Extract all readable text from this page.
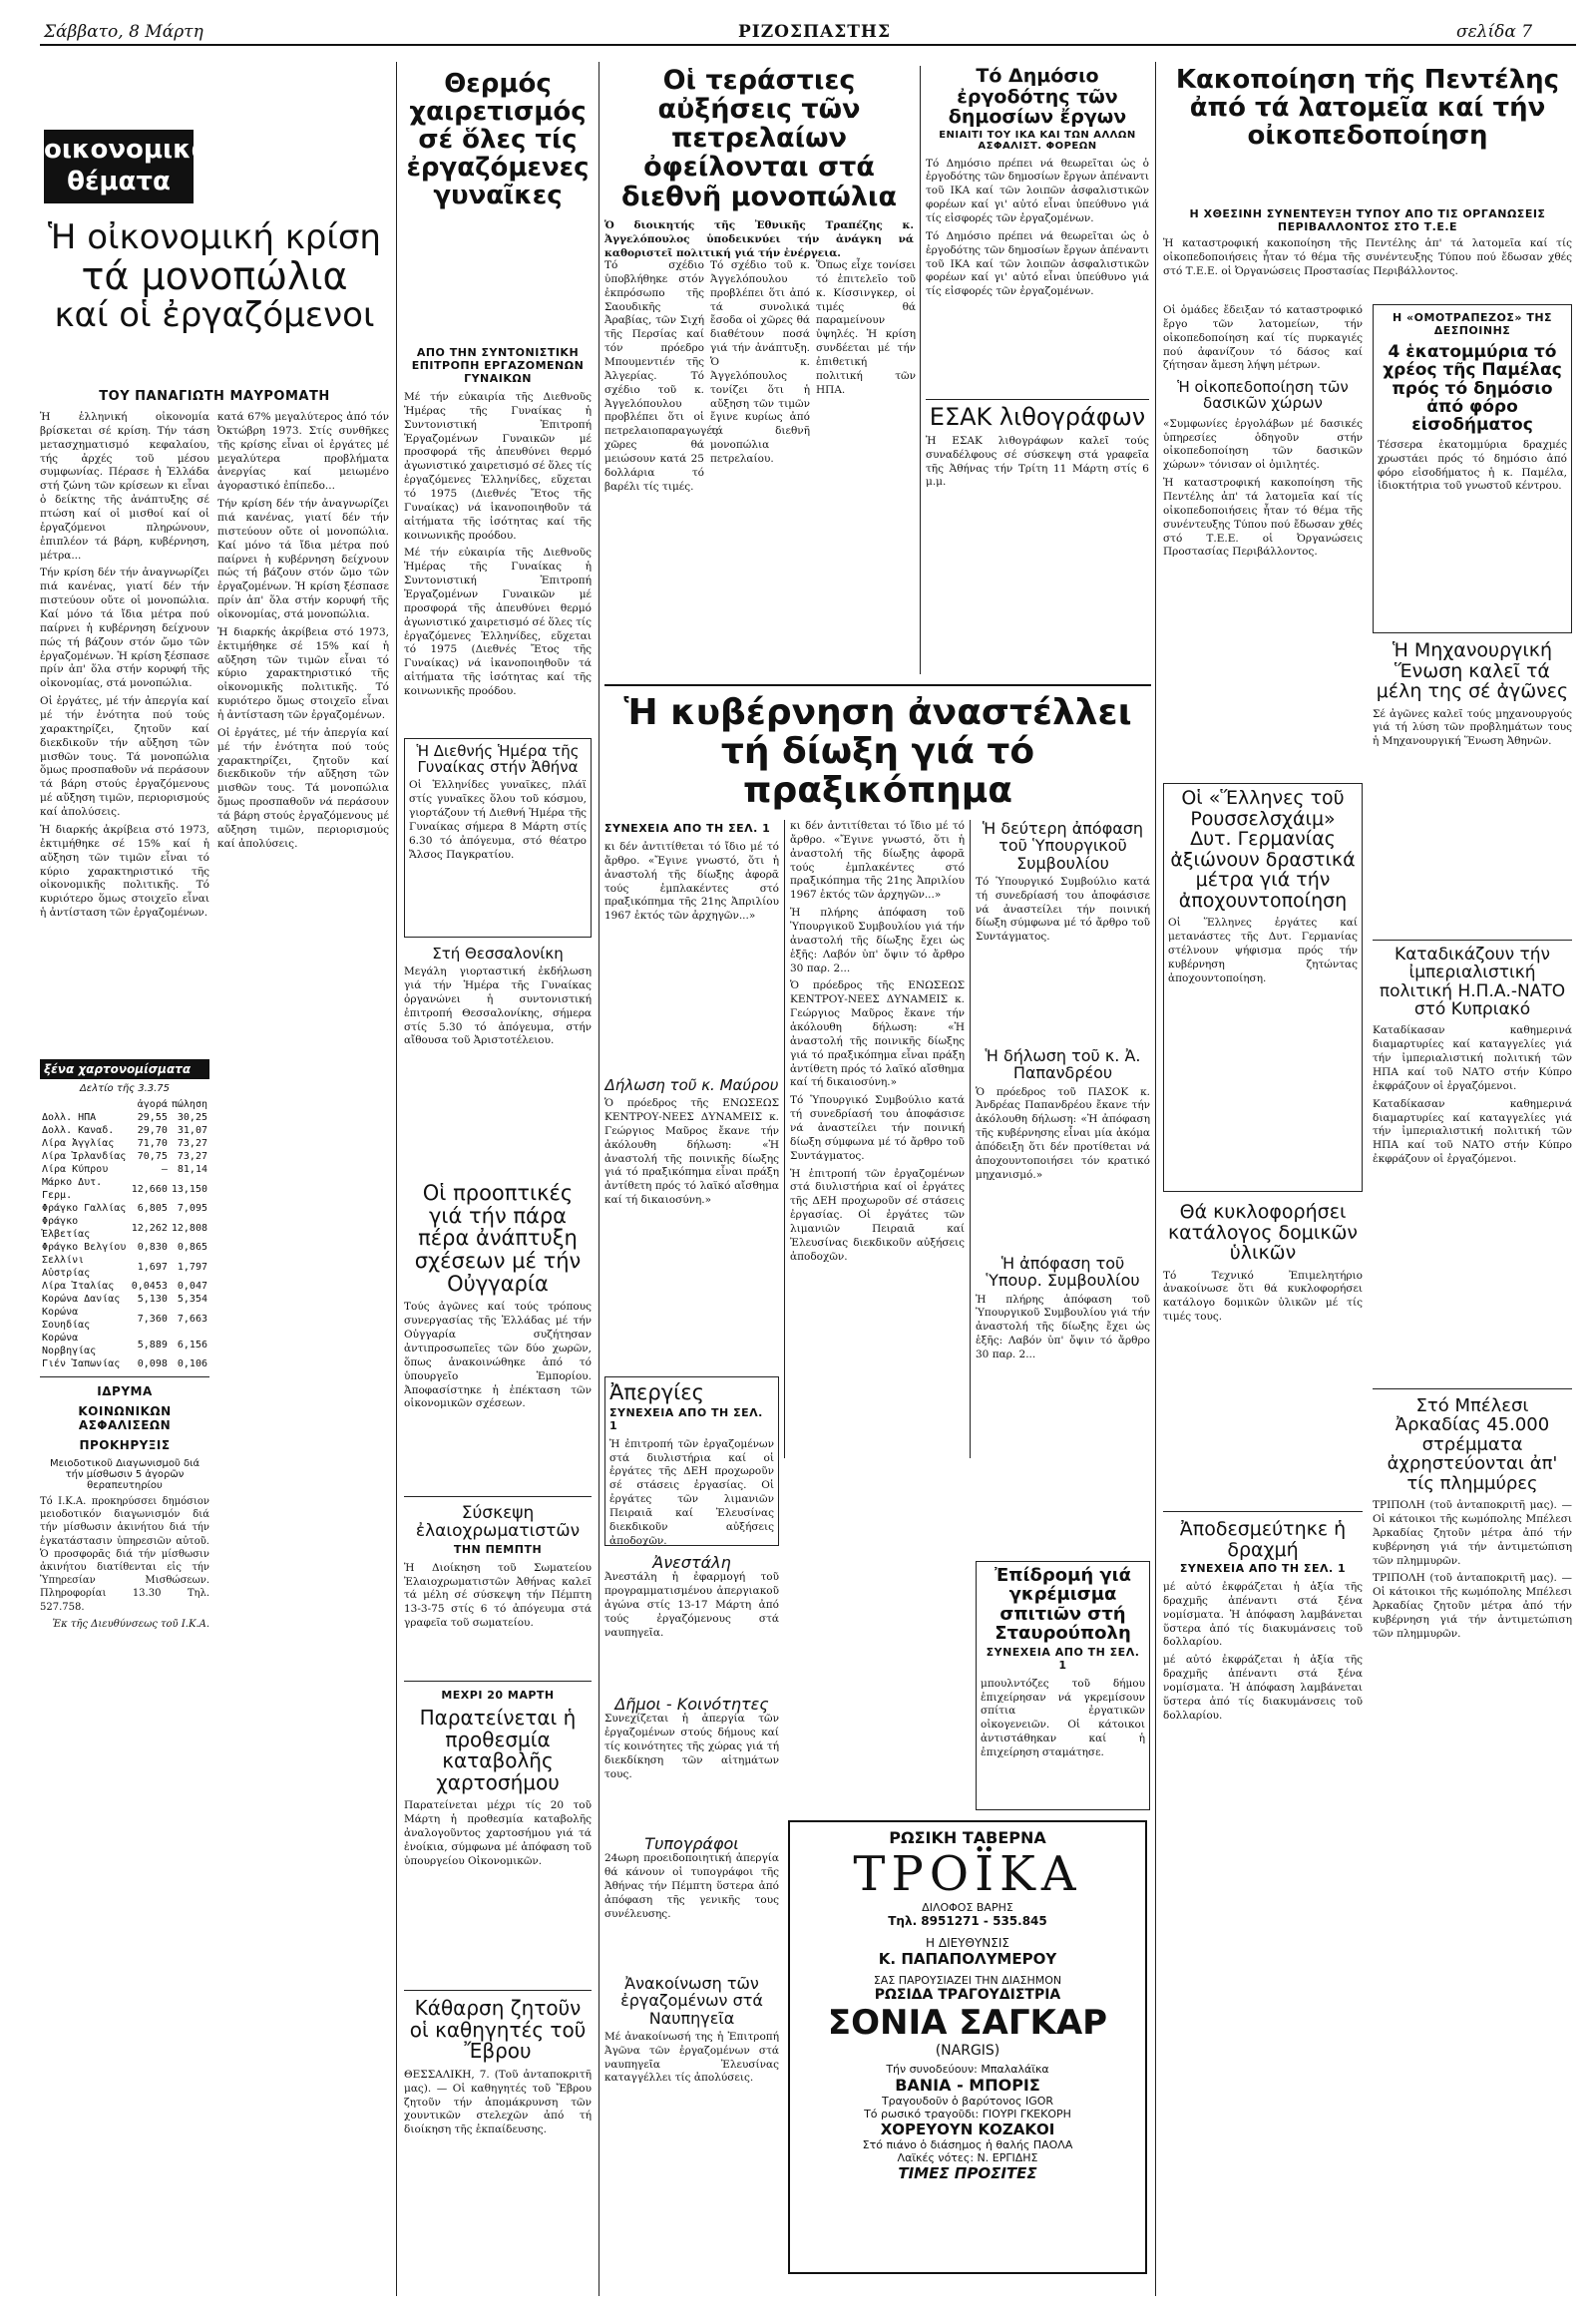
Σάββατο, 8 Μάρτη	ΡΙΖΟΣΠΑΣΤΗΣ	σελίδα 7
οικονομικά
θέματα
Ἡ οἰκονομική κρίση
τά μονοπώλια
καί οἱ ἐργαζόμενοι
ΤΟΥ ΠΑΝΑΓΙΩΤΗ ΜΑΥΡΟΜΑΤΗ

Ἡ ἑλληνική οἰκονομία βρίσκεται σέ κρίση. Τήν τάση μετασχηματισμό κεφαλαίου, τής ἀρχές τοῦ μέσου συμφωνίας. Πέρασε ἡ Ἑλλάδα στή ζώνη τῶν κρίσεων κι εἶναι ὁ δείκτης τῆς ἀνάπτυξης σέ πτώση καί οἱ μισθοί καί οἱ ἐργαζόμενοι πληρώνουν, ἐπιπλέον τά βάρη, κυβέρνηση, μέτρα...

Τήν κρίση δέν τήν ἀναγνωρίζει πιά κανένας, γιατί δέν τήν πιστεύουν οὔτε οἱ μονοπώλια. Καί μόνο τά ἴδια μέτρα πού παίρνει ἡ κυβέρνηση δείχνουν πώς τή βάζουν στόν ὤμο τῶν ἐργαζομένων. Ἡ κρίση ξέσπασε πρίν ἀπ' ὅλα στήν κορυφή τῆς οἰκονομίας, στά μονοπώλια.

Οἱ ἐργάτες, μέ τήν ἀπεργία καί μέ τήν ἐνότητα πού τούς χαρακτηρίζει, ζητοῦν καί διεκδικοῦν τήν αὔξηση τῶν μισθῶν τους. Τά μονοπώλια ὅμως προσπαθοῦν νά περάσουν τά βάρη στούς ἐργαζόμενους μέ αὔξηση τιμῶν, περιορισμούς καί ἀπολύσεις.

Ἡ διαρκής ἀκρίβεια στό 1973, ἐκτιμήθηκε σέ 15% καί ἡ αὔξηση τῶν τιμῶν εἶναι τό κύριο χαρακτηριστικό τῆς οἰκονομικῆς πολιτικῆς. Τό κυριότερο ὅμως στοιχεῖο εἶναι ἡ ἀντίσταση τῶν ἐργαζομένων.

κατά 67% μεγαλύτερος ἀπό τόν Ὀκτώβρη 1973. Στίς συνθῆκες τῆς κρίσης εἶναι οἱ ἐργάτες μέ μεγαλύτερα προβλήματα ἀνεργίας καί μειωμένο ἀγοραστικό ἐπίπεδο...

Τήν κρίση δέν τήν ἀναγνωρίζει πιά κανένας, γιατί δέν τήν πιστεύουν οὔτε οἱ μονοπώλια. Καί μόνο τά ἴδια μέτρα πού παίρνει ἡ κυβέρνηση δείχνουν πώς τή βάζουν στόν ὤμο τῶν ἐργαζομένων. Ἡ κρίση ξέσπασε πρίν ἀπ' ὅλα στήν κορυφή τῆς οἰκονομίας, στά μονοπώλια.

Ἡ διαρκής ἀκρίβεια στό 1973, ἐκτιμήθηκε σέ 15% καί ἡ αὔξηση τῶν τιμῶν εἶναι τό κύριο χαρακτηριστικό τῆς οἰκονομικῆς πολιτικῆς. Τό κυριότερο ὅμως στοιχεῖο εἶναι ἡ ἀντίσταση τῶν ἐργαζομένων.

Οἱ ἐργάτες, μέ τήν ἀπεργία καί μέ τήν ἐνότητα πού τούς χαρακτηρίζει, ζητοῦν καί διεκδικοῦν τήν αὔξηση τῶν μισθῶν τους. Τά μονοπώλια ὅμως προσπαθοῦν νά περάσουν τά βάρη στούς ἐργαζόμενους μέ αὔξηση τιμῶν, περιορισμούς καί ἀπολύσεις.

ξένα χαρτονομίσματα
Δελτίο τῆς 3.3.75
	ἀγορά	πώληση
Δολλ. ΗΠΑ	29,55	30,25
Δολλ. Καναδ.	29,70	31,07
Λίρα Ἀγγλίας	71,70	73,27
Λίρα Ἰρλανδίας	70,75	73,27
Λίρα Κύπρου	—	81,14
Μάρκο Δυτ. Γερμ.	12,660	13,150
Φράγκο Γαλλίας	6,805	7,095
Φράγκο Ἑλβετίας	12,262	12,808
Φράγκο Βελγίου	0,830	0,865
Σελλίνι Αὐστρίας	1,697	1,797
Λίρα Ἰταλίας	0,0453	0,047
Κορώνα Δανίας	5,130	5,354
Κορώνα Σουηδίας	7,360	7,663
Κορώνα Νορβηγίας	5,889	6,156
Γιέν Ἰαπωνίας	0,098	0,106
ΙΔΡΥΜΑ
ΚΟΙΝΩΝΙΚΩΝ ΑΣΦΑΛΙΣΕΩΝ
ΠΡΟΚΗΡΥΞΙΣ
Μειοδοτικοῦ Διαγωνισμοῦ διά τήν μίσθωσιν 5 ἀγορῶν θεραπευτηρίου

Τό Ι.Κ.Α. προκηρύσσει δημόσιον μειοδοτικόν διαγωνισμόν διά τήν μίσθωσιν ἀκινήτου διά τήν ἐγκατάστασιν ὑπηρεσιῶν αὐτοῦ. Ὁ προσφορᾶς διά τήν μίσθωσιν ἀκινήτου διατίθενται εἰς τήν Ὑπηρεσίαν Μισθώσεων. Πληροφορίαι 13.30 Τηλ. 527.758.

Ἐκ τῆς Διευθύνσεως τοῦ Ι.Κ.Α.

Θερμός χαιρετισμός σέ ὅλες τίς ἐργαζόμενες γυναῖκες
ΑΠΟ ΤΗΝ ΣΥΝΤΟΝΙΣΤΙΚΗ ΕΠΙΤΡΟΠΗ ΕΡΓΑΖΟΜΕΝΩΝ ΓΥΝΑΙΚΩΝ

Μέ τήν εὐκαιρία τῆς Διεθνοῦς Ἡμέρας τῆς Γυναίκας ἡ Συντονιστική Ἐπιτροπή Ἐργαζομένων Γυναικῶν μέ προσφορά τῆς ἀπευθύνει θερμό ἀγωνιστικό χαιρετισμό σέ ὅλες τίς ἐργαζόμενες Ἑλληνίδες, εὔχεται τό 1975 (Διεθνές Ἔτος τῆς Γυναίκας) νά ἱκανοποιηθοῦν τά αἰτήματα τῆς ἰσότητας καί τῆς κοινωνικῆς προόδου.

Μέ τήν εὐκαιρία τῆς Διεθνοῦς Ἡμέρας τῆς Γυναίκας ἡ Συντονιστική Ἐπιτροπή Ἐργαζομένων Γυναικῶν μέ προσφορά τῆς ἀπευθύνει θερμό ἀγωνιστικό χαιρετισμό σέ ὅλες τίς ἐργαζόμενες Ἑλληνίδες, εὔχεται τό 1975 (Διεθνές Ἔτος τῆς Γυναίκας) νά ἱκανοποιηθοῦν τά αἰτήματα τῆς ἰσότητας καί τῆς κοινωνικῆς προόδου.

Ἡ Διεθνής Ἡμέρα τῆς Γυναίκας στήν Ἀθήνα

Οἱ Ἑλληνίδες γυναῖκες, πλάϊ στίς γυναῖκες ὅλου τοῦ κόσμου, γιορτάζουν τή Διεθνή Ἡμέρα τῆς Γυναίκας σήμερα 8 Μάρτη στίς 6.30 τό ἀπόγευμα, στό θέατρο Ἄλσος Παγκρατίου.

Στή Θεσσαλονίκη

Μεγάλη γιορταστική ἐκδήλωση γιά τήν Ἡμέρα τῆς Γυναίκας ὀργανώνει ἡ συντονιστική ἐπιτροπή Θεσσαλονίκης, σήμερα στίς 5.30 τό ἀπόγευμα, στήν αἴθουσα τοῦ Ἀριστοτέλειου.

Οἱ προοπτικές γιά τήν πάρα πέρα ἀνάπτυξη σχέσεων μέ τήν Οὐγγαρία

Τούς ἀγῶνες καί τούς τρόπους συνεργασίας τῆς Ἑλλάδας μέ τήν Οὐγγαρία συζήτησαν ἀντιπροσωπεῖες τῶν δύο χωρῶν, ὅπως ἀνακοινώθηκε ἀπό τό ὑπουργεῖο Ἐμπορίου. Ἀποφασίστηκε ἡ ἐπέκταση τῶν οἰκονομικῶν σχέσεων.

Σύσκεψη ἐλαιοχρωματιστῶν
ΤΗΝ ΠΕΜΠΤΗ

Ἡ Διοίκηση τοῦ Σωματείου Ἐλαιοχρωματιστῶν Ἀθήνας καλεῖ τά μέλη σέ σύσκεψη τήν Πέμπτη 13-3-75 στίς 6 τό ἀπόγευμα στά γραφεῖα τοῦ σωματείου.

ΜΕΧΡΙ 20 ΜΑΡΤΗ
Παρατείνεται ἡ προθεσμία καταβολῆς χαρτοσήμου

Παρατείνεται μέχρι τίς 20 τοῦ Μάρτη ἡ προθεσμία καταβολῆς ἀναλογοῦντος χαρτοσήμου γιά τά ἐνοίκια, σύμφωνα μέ ἀπόφαση τοῦ ὑπουργείου Οἰκονομικῶν.

Κάθαρση ζητοῦν οἱ καθηγητές τοῦ Ἔβρου

ΘΕΣΣΑΛΙΚΗ, 7. (Τοῦ ἀνταποκριτῆ μας). — Οἱ καθηγητές τοῦ Ἔβρου ζητοῦν τήν ἀπομάκρυνση τῶν χουντικῶν στελεχῶν ἀπό τή διοίκηση τῆς ἐκπαίδευσης.

Οἱ τεράστιες αὐξήσεις τῶν πετρελαίων ὀφείλονται στά διεθνῆ μονοπώλια

Ὁ διοικητής τῆς Ἐθνικῆς Τραπέζης κ. Ἀγγελόπουλος ὑποδεικνύει τήν ἀνάγκη νά καθοριστεῖ πολιτική γιά τήν ἐνέργεια.

Τό σχέδιο ὑποβλήθηκε στόν ἐκπρόσωπο τῆς Σαουδικῆς Ἀραβίας, τῶν Σιχή τῆς Περσίας καί τόν πρόεδρο Μπουμεντιέν τῆς Ἀλγερίας. Τό σχέδιο τοῦ κ. Ἀγγελόπουλου προβλέπει ὅτι οἱ πετρελαιοπαραγωγές χῶρες θά μειώσουν κατά 25 δολλάρια τό βαρέλι τίς τιμές.

Τό σχέδιο τοῦ κ. Ἀγγελόπουλου προβλέπει ὅτι ἀπό τά συνολικά ἔσοδα οἱ χῶρες θά διαθέτουν ποσά γιά τήν ἀνάπτυξη. Ὁ κ. Ἀγγελόπουλος τονίζει ὅτι ἡ αὔξηση τῶν τιμῶν ἔγινε κυρίως ἀπό τά διεθνῆ μονοπώλια πετρελαίου.

Ὅπως εἶχε τονίσει τό ἐπιτελεῖο τοῦ κ. Κίσσινγκερ, οἱ τιμές θά παραμείνουν ὑψηλές. Ἡ κρίση συνδέεται μέ τήν ἐπιθετική πολιτική τῶν ΗΠΑ.

Τό Δημόσιο ἐργοδότης τῶν δημοσίων ἔργων
ΕΝΙΑΙΤΙ ΤΟΥ ΙΚΑ ΚΑΙ ΤΩΝ ΑΛΛΩΝ ΑΣΦΑΛΙΣΤ. ΦΟΡΕΩΝ

Τό Δημόσιο πρέπει νά θεωρεῖται ὡς ὁ ἐργοδότης τῶν δημοσίων ἔργων ἀπέναντι τοῦ ΙΚΑ καί τῶν λοιπῶν ἀσφαλιστικῶν φορέων καί γι' αὐτό εἶναι ὑπεύθυνο γιά τίς εἰσφορές τῶν ἐργαζομένων.

Τό Δημόσιο πρέπει νά θεωρεῖται ὡς ὁ ἐργοδότης τῶν δημοσίων ἔργων ἀπέναντι τοῦ ΙΚΑ καί τῶν λοιπῶν ἀσφαλιστικῶν φορέων καί γι' αὐτό εἶναι ὑπεύθυνο γιά τίς εἰσφορές τῶν ἐργαζομένων.

ΕΣΑΚ λιθογράφων

Ἡ ΕΣΑΚ λιθογράφων καλεῖ τούς συναδέλφους σέ σύσκεψη στά γραφεῖα τῆς Ἀθήνας τήν Τρίτη 11 Μάρτη στίς 6 μ.μ.

Ἡ κυβέρνηση ἀναστέλλει τή δίωξη γιά τό πραξικόπημα
ΣΥΝΕΧΕΙΑ ΑΠΟ ΤΗ ΣΕΛ. 1

κι δέν ἀντιτίθεται τό ἴδιο μέ τό ἄρθρο. «Ἔγινε γνωστό, ὅτι ἡ ἀναστολή τῆς δίωξης ἀφορᾶ τούς ἐμπλακέντες στό πραξικόπημα τῆς 21ης Ἀπριλίου 1967 ἐκτός τῶν ἀρχηγῶν...»

Δήλωση τοῦ κ. Μαύρου

Ὁ πρόεδρος τῆς ΕΝΩΣΕΩΣ ΚΕΝΤΡΟΥ-ΝΕΕΣ ΔΥΝΑΜΕΙΣ κ. Γεώργιος Μαῦρος ἔκανε τήν ἀκόλουθη δήλωση: «Ἡ ἀναστολή τῆς ποινικῆς δίωξης γιά τό πραξικόπημα εἶναι πράξη ἀντίθετη πρός τό λαϊκό αἴσθημα καί τή δικαιοσύνη.»

Ἀπεργίες
ΣΥΝΕΧΕΙΑ ΑΠΟ ΤΗ ΣΕΛ. 1

Ἡ ἐπιτροπή τῶν ἐργαζομένων στά διυλιστήρια καί οἱ ἐργάτες τῆς ΔΕΗ προχωροῦν σέ στάσεις ἐργασίας. Οἱ ἐργάτες τῶν λιμανιῶν Πειραιᾶ καί Ἐλευσίνας διεκδικοῦν αὐξήσεις ἀποδοχῶν.

Ἀνεστάλη

Ἀνεστάλη ἡ ἐφαρμογή τοῦ προγραμματισμένου ἀπεργιακοῦ ἀγώνα στίς 13-17 Μάρτη ἀπό τούς ἐργαζόμενους στά ναυπηγεῖα.

Δῆμοι - Κοινότητες

Συνεχίζεται ἡ ἀπεργία τῶν ἐργαζομένων στούς δήμους καί τίς κοινότητες τῆς χώρας γιά τή διεκδίκηση τῶν αἰτημάτων τους.

Τυπογράφοι

24ωρη προειδοποιητική ἀπεργία θά κάνουν οἱ τυπογράφοι τῆς Ἀθήνας τήν Πέμπτη ὕστερα ἀπό ἀπόφαση τῆς γενικῆς τους συνέλευσης.

Ἀνακοίνωση τῶν ἐργαζομένων στά Ναυπηγεῖα

Μέ ἀνακοίνωσή της ἡ Ἐπιτροπή Ἀγῶνα τῶν ἐργαζομένων στά ναυπηγεῖα Ἐλευσίνας καταγγέλλει τίς ἀπολύσεις.

κι δέν ἀντιτίθεται τό ἴδιο μέ τό ἄρθρο. «Ἔγινε γνωστό, ὅτι ἡ ἀναστολή τῆς δίωξης ἀφορᾶ τούς ἐμπλακέντες στό πραξικόπημα τῆς 21ης Ἀπριλίου 1967 ἐκτός τῶν ἀρχηγῶν...»

Ἡ πλήρης ἀπόφαση τοῦ Ὑπουργικοῦ Συμβουλίου γιά τήν ἀναστολή τῆς δίωξης ἔχει ὡς ἑξῆς: Λαβόν ὑπ' ὄψιν τό ἄρθρο 30 παρ. 2...

Ὁ πρόεδρος τῆς ΕΝΩΣΕΩΣ ΚΕΝΤΡΟΥ-ΝΕΕΣ ΔΥΝΑΜΕΙΣ κ. Γεώργιος Μαῦρος ἔκανε τήν ἀκόλουθη δήλωση: «Ἡ ἀναστολή τῆς ποινικῆς δίωξης γιά τό πραξικόπημα εἶναι πράξη ἀντίθετη πρός τό λαϊκό αἴσθημα καί τή δικαιοσύνη.»

Τό Ὑπουργικό Συμβούλιο κατά τή συνεδρίασή του ἀποφάσισε νά ἀναστείλει τήν ποινική δίωξη σύμφωνα μέ τό ἄρθρο τοῦ Συντάγματος.

Ἡ ἐπιτροπή τῶν ἐργαζομένων στά διυλιστήρια καί οἱ ἐργάτες τῆς ΔΕΗ προχωροῦν σέ στάσεις ἐργασίας. Οἱ ἐργάτες τῶν λιμανιῶν Πειραιᾶ καί Ἐλευσίνας διεκδικοῦν αὐξήσεις ἀποδοχῶν.

Ἡ δεύτερη ἀπόφαση τοῦ Ὑπουργικοῦ Συμβουλίου

Τό Ὑπουργικό Συμβούλιο κατά τή συνεδρίασή του ἀποφάσισε νά ἀναστείλει τήν ποινική δίωξη σύμφωνα μέ τό ἄρθρο τοῦ Συντάγματος.

Ἡ δήλωση τοῦ κ. Ἀ. Παπανδρέου

Ὁ πρόεδρος τοῦ ΠΑΣΟΚ κ. Ἀνδρέας Παπανδρέου ἔκανε τήν ἀκόλουθη δήλωση: «Ἡ ἀπόφαση τῆς κυβέρνησης εἶναι μία ἀκόμα ἀπόδειξη ὅτι δέν προτίθεται νά ἀποχουντοποιήσει τόν κρατικό μηχανισμό.»

Ἡ ἀπόφαση τοῦ Ὑπουρ. Συμβουλίου

Ἡ πλήρης ἀπόφαση τοῦ Ὑπουργικοῦ Συμβουλίου γιά τήν ἀναστολή τῆς δίωξης ἔχει ὡς ἑξῆς: Λαβόν ὑπ' ὄψιν τό ἄρθρο 30 παρ. 2...

Ἐπίδρομή γιά γκρέμισμα σπιτιῶν στή Σταυρούπολη
ΣΥΝΕΧΕΙΑ ΑΠΟ ΤΗ ΣΕΛ. 1

μπουλντόζες τοῦ δήμου ἐπιχείρησαν νά γκρεμίσουν σπίτια ἐργατικῶν οἰκογενειῶν. Οἱ κάτοικοι ἀντιστάθηκαν καί ἡ ἐπιχείρηση σταμάτησε.

ΡΩΣΙΚΗ ΤΑΒΕΡΝΑ
ΤΡΟΪΚΑ
ΔΙΛΟΦΟΣ ΒΑΡΗΣ
Τηλ. 8951271 - 535.845
Η ΔΙΕΥΘΥΝΣΙΣ
Κ. ΠΑΠΑΠΟΛΥΜΕΡΟΥ
ΣΑΣ ΠΑΡΟΥΣΙΑΖΕΙ ΤΗΝ ΔΙΑΣΗΜΟΝ
ΡΩΣΙΔΑ ΤΡΑΓΟΥΔΙΣΤΡΙΑ
ΣΟΝΙΑ ΣΑΓΚΑΡ
(NARGIS)
Τήν συνοδεύουν: Μπαλαλάϊκα
ΒΑΝΙΑ - ΜΠΟΡΙΣ
Τραγουδοῦν ὁ βαρύτονος IGOR
Τό ρωσικό τραγοῦδι: ΓΙΟΥΡΙ ΓΚΕΚΟΡΗ
ΧΟΡΕΥΟΥΝ ΚΟΖΑΚΟΙ
Στό πιάνο ὁ διάσημος ἡ θαλής ΠΑΟΛΑ
Λαϊκές νότες: Ν. ΕΡΓΙΔΗΣ
ΤΙΜΕΣ ΠΡΟΣΙΤΕΣ
Κακοποίηση τῆς Πεντέλης ἀπό τά λατομεῖα καί τήν οἰκοπεδοποίηση
Η ΧΘΕΣΙΝΗ ΣΥΝΕΝΤΕΥΞΗ ΤΥΠΟΥ ΑΠΟ ΤΙΣ ΟΡΓΑΝΩΣΕΙΣ ΠΕΡΙΒΑΛΛΟΝΤΟΣ ΣΤΟ Τ.Ε.Ε

Ἡ καταστροφική κακοποίηση τῆς Πεντέλης ἀπ' τά λατομεῖα καί τίς οἰκοπεδοποιήσεις ἦταν τό θέμα τῆς συνέντευξης Τύπου πού ἔδωσαν χθές στό Τ.Ε.Ε. οἱ Ὀργανώσεις Προστασίας Περιβάλλοντος.

Οἱ ὁμάδες ἔδειξαν τό καταστροφικό ἔργο τῶν λατομείων, τήν οἰκοπεδοποίηση καί τίς πυρκαγιές πού ἀφανίζουν τό δάσος καί ζήτησαν ἄμεση λήψη μέτρων.

Ἡ οἰκοπεδοποίηση τῶν δασικῶν χώρων

«Συμφωνίες ἐργολάβων μέ δασικές ὑπηρεσίες ὁδηγοῦν στήν οἰκοπεδοποίηση τῶν δασικῶν χώρων» τόνισαν οἱ ὁμιλητές.

Ἡ καταστροφική κακοποίηση τῆς Πεντέλης ἀπ' τά λατομεῖα καί τίς οἰκοπεδοποιήσεις ἦταν τό θέμα τῆς συνέντευξης Τύπου πού ἔδωσαν χθές στό Τ.Ε.Ε. οἱ Ὀργανώσεις Προστασίας Περιβάλλοντος.

Η «ΟΜΟΤΡΑΠΕΖΟΣ» ΤΗΣ ΔΕΣΠΟΙΝΗΣ
4 ἑκατομμύρια τό χρέος τῆς Παμέλας πρός τό δημόσιο ἀπό φόρο εἰσοδήματος

Τέσσερα ἑκατομμύρια δραχμές χρωστάει πρός τό δημόσιο ἀπό φόρο εἰσοδήματος ἡ κ. Παμέλα, ἰδιοκτήτρια τοῦ γνωστοῦ κέντρου.

Ἡ Μηχανουργική Ἕνωση καλεῖ τά μέλη της σέ ἀγῶνες

Σέ ἀγῶνες καλεῖ τούς μηχανουργούς γιά τή λύση τῶν προβλημάτων τους ἡ Μηχανουργική Ἕνωση Ἀθηνῶν.

Καταδικάζουν τήν ἰμπεριαλιστική πολιτική Η.Π.Α.-ΝΑΤΟ στό Κυπριακό

Καταδίκασαν καθημερινά διαμαρτυρίες καί καταγγελίες γιά τήν ἰμπεριαλιστική πολιτική τῶν ΗΠΑ καί τοῦ ΝΑΤΟ στήν Κύπρο ἐκφράζουν οἱ ἐργαζόμενοι.

Καταδίκασαν καθημερινά διαμαρτυρίες καί καταγγελίες γιά τήν ἰμπεριαλιστική πολιτική τῶν ΗΠΑ καί τοῦ ΝΑΤΟ στήν Κύπρο ἐκφράζουν οἱ ἐργαζόμενοι.

Οἱ «Ἕλληνες τοῦ Ρουσσελσχάιμ» Δυτ. Γερμανίας ἀξιώνουν δραστικά μέτρα γιά τήν ἀποχουντοποίηση

Οἱ Ἕλληνες ἐργάτες καί μετανάστες τῆς Δυτ. Γερμανίας στέλνουν ψήφισμα πρός τήν κυβέρνηση ζητώντας ἀποχουντοποίηση.

Θά κυκλοφορήσει κατάλογος δομικῶν ὑλικῶν

Τό Τεχνικό Ἐπιμελητήριο ἀνακοίνωσε ὅτι θά κυκλοφορήσει κατάλογο δομικῶν ὑλικῶν μέ τίς τιμές τους.

Ἀποδεσμεύτηκε ἡ δραχμή
ΣΥΝΕΧΕΙΑ ΑΠΟ ΤΗ ΣΕΛ. 1

μέ αὐτό ἐκφράζεται ἡ ἀξία τῆς δραχμῆς ἀπέναντι στά ξένα νομίσματα. Ἡ ἀπόφαση λαμβάνεται ὕστερα ἀπό τίς διακυμάνσεις τοῦ δολλαρίου.

μέ αὐτό ἐκφράζεται ἡ ἀξία τῆς δραχμῆς ἀπέναντι στά ξένα νομίσματα. Ἡ ἀπόφαση λαμβάνεται ὕστερα ἀπό τίς διακυμάνσεις τοῦ δολλαρίου.

Στό Μπέλεσι Ἀρκαδίας 45.000 στρέμματα ἀχρηστεύονται ἀπ' τίς πλημμύρες

ΤΡΙΠΟΛΗ (τοῦ ἀνταποκριτῆ μας). — Οἱ κάτοικοι τῆς κωμόπολης Μπέλεσι Ἀρκαδίας ζητοῦν μέτρα ἀπό τήν κυβέρνηση γιά τήν ἀντιμετώπιση τῶν πλημμυρῶν.

ΤΡΙΠΟΛΗ (τοῦ ἀνταποκριτῆ μας). — Οἱ κάτοικοι τῆς κωμόπολης Μπέλεσι Ἀρκαδίας ζητοῦν μέτρα ἀπό τήν κυβέρνηση γιά τήν ἀντιμετώπιση τῶν πλημμυρῶν.
